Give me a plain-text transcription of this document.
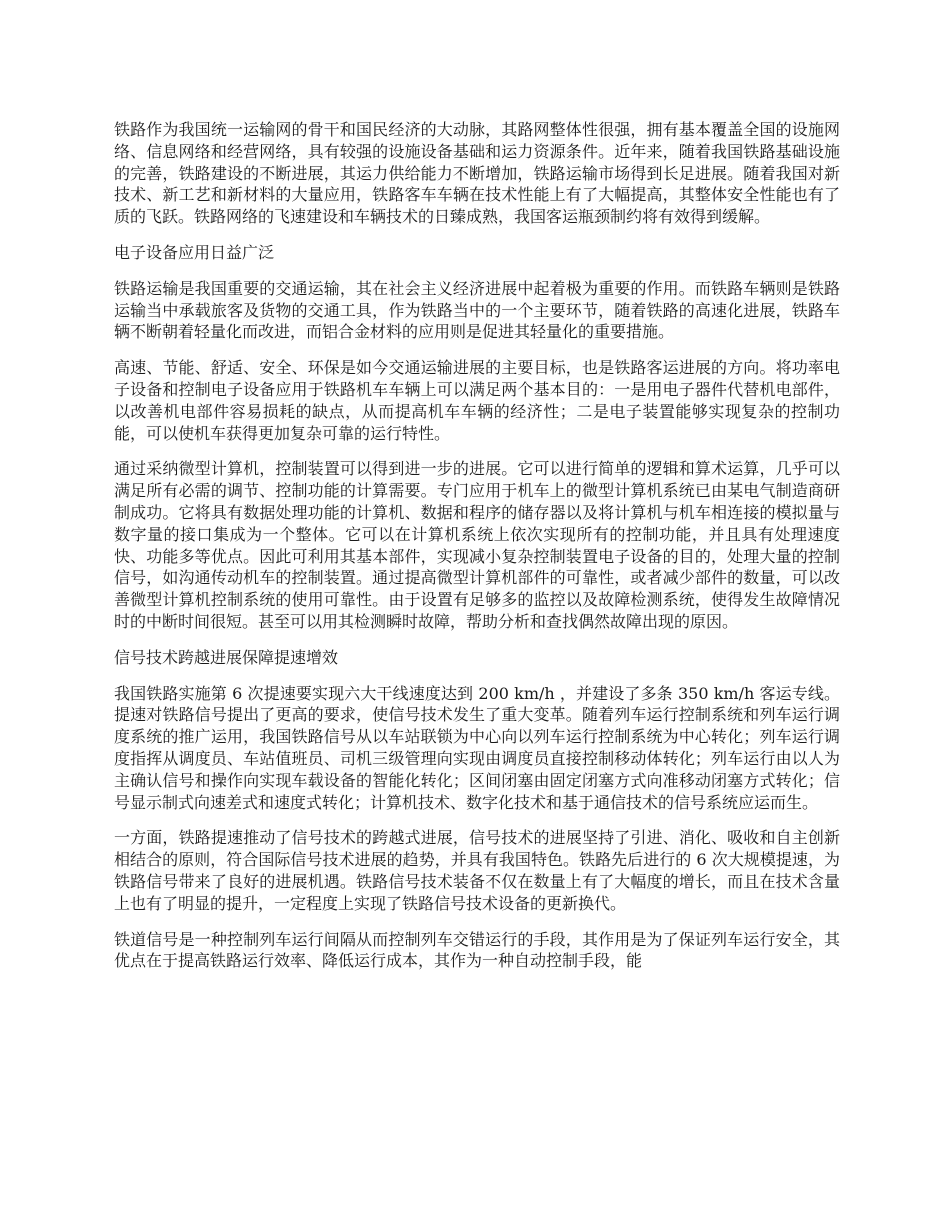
铁路作为我国统一运输网的骨干和国民经济的大动脉，其路网整体性很强，拥有基本覆盖全国的设施网络、信息网络和经营网络，具有较强的设施设备基础和运力资源条件。近年来，随着我国铁路基础设施的完善，铁路建设的不断进展，其运力供给能力不断增加，铁路运输市场得到长足进展。随着我国对新技术、新工艺和新材料的大量应用，铁路客车车辆在技术性能上有了大幅提高，其整体安全性能也有了质的飞跃。铁路网络的飞速建设和车辆技术的日臻成熟，我国客运瓶颈制约将有效得到缓解。

电子设备应用日益广泛

铁路运输是我国重要的交通运输，其在社会主义经济进展中起着极为重要的作用。而铁路车辆则是铁路运输当中承载旅客及货物的交通工具，作为铁路当中的一个主要环节，随着铁路的高速化进展，铁路车辆不断朝着轻量化而改进，而铝合金材料的应用则是促进其轻量化的重要措施。

高速、节能、舒适、安全、环保是如今交通运输进展的主要目标，也是铁路客运进展的方向。将功率电子设备和控制电子设备应用于铁路机车车辆上可以满足两个基本目的：一是用电子器件代替机电部件，以改善机电部件容易损耗的缺点，从而提高机车车辆的经济性；二是电子装置能够实现复杂的控制功能，可以使机车获得更加复杂可靠的运行特性。

通过采纳微型计算机，控制装置可以得到进一步的进展。它可以进行简单的逻辑和算术运算，几乎可以满足所有必需的调节、控制功能的计算需要。专门应用于机车上的微型计算机系统已由某电气制造商研制成功。它将具有数据处理功能的计算机、数据和程序的储存器以及将计算机与机车相连接的模拟量与数字量的接口集成为一个整体。它可以在计算机系统上依次实现所有的控制功能，并且具有处理速度快、功能多等优点。因此可利用其基本部件，实现减小复杂控制装置电子设备的目的，处理大量的控制信号，如沟通传动机车的控制装置。通过提高微型计算机部件的可靠性，或者减少部件的数量，可以改善微型计算机控制系统的使用可靠性。由于设置有足够多的监控以及故障检测系统，使得发生故障情况时的中断时间很短。甚至可以用其检测瞬时故障，帮助分析和查找偶然故障出现的原因。

信号技术跨越进展保障提速增效

我国铁路实施第 6 次提速要实现六大干线速度达到 200 km/h ，并建设了多条 350 km/h 客运专线。提速对铁路信号提出了更高的要求，使信号技术发生了重大变革。随着列车运行控制系统和列车运行调度系统的推广运用，我国铁路信号从以车站联锁为中心向以列车运行控制系统为中心转化；列车运行调度指挥从调度员、车站值班员、司机三级管理向实现由调度员直接控制移动体转化；列车运行由以人为主确认信号和操作向实现车载设备的智能化转化；区间闭塞由固定闭塞方式向准移动闭塞方式转化；信号显示制式向速差式和速度式转化；计算机技术、数字化技术和基于通信技术的信号系统应运而生。

一方面，铁路提速推动了信号技术的跨越式进展，信号技术的进展坚持了引进、消化、吸收和自主创新相结合的原则，符合国际信号技术进展的趋势，并具有我国特色。铁路先后进行的 6 次大规模提速，为铁路信号带来了良好的进展机遇。铁路信号技术装备不仅在数量上有了大幅度的增长，而且在技术含量上也有了明显的提升，一定程度上实现了铁路信号技术设备的更新换代。

铁道信号是一种控制列车运行间隔从而控制列车交错运行的手段，其作用是为了保证列车运行安全，其优点在于提高铁路运行效率、降低运行成本，其作为一种自动控制手段，能
